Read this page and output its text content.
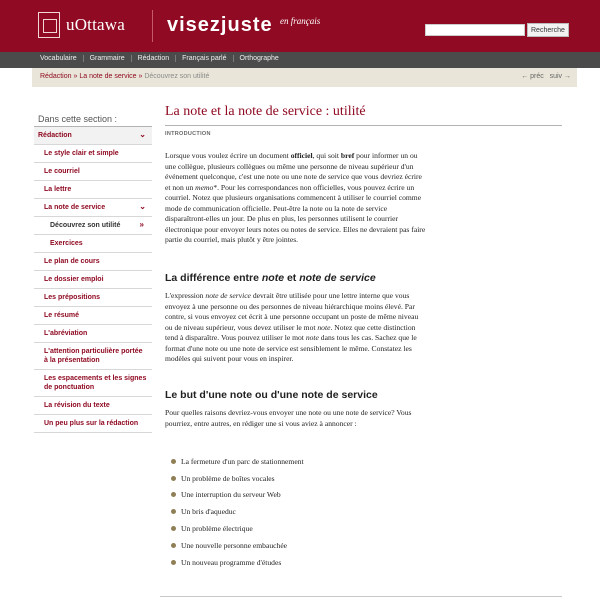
uOttawa visezjuste en français
Recherche
Vocabulaire	Grammaire	Rédaction	Français parlé	Orthographe
Rédaction » La note de service » Découvrez son utilité	← préc suiv →
Dans cette section :
Rédaction	⌄
Le style clair et simple
Le courriel
La lettre
La note de service	⌄
Découvrez son utilité »
Exercices
Le plan de cours
Le dossier emploi
Les prépositions
Le résumé
L'abréviation
L'attention particulière portée à la présentation
Les espacements et les signes de ponctuation
La révision du texte
Un peu plus sur la rédaction
La note et la note de service : utilité
INTRODUCTION

Lorsque vous voulez écrire un document officiel, qui soit bref pour informer un ou une collègue, plusieurs collègues ou même une personne de niveau supérieur d'un événement quelconque, c'est une note ou une note de service que vous devriez écrire et non un memo*. Pour les correspondances non officielles, vous pouvez écrire un courriel. Notez que plusieurs organisations commencent à utiliser le courriel comme mode de communication officielle. Peut-être la note ou la note de service disparaîtront-elles un jour. De plus en plus, les personnes utilisent le courrier électronique pour envoyer leurs notes ou notes de service. Elles ne devraient pas faire partie du courriel, mais plutôt y être jointes.

La différence entre note et note de service

L'expression note de service devrait être utilisée pour une lettre interne que vous envoyez à une personne ou des personnes de niveau hiérarchique moins élevé. Par contre, si vous envoyez cet écrit à une personne occupant un poste de même niveau ou de niveau supérieur, vous devez utiliser le mot note. Notez que cette distinction tend à disparaître. Vous pouvez utiliser le mot note dans tous les cas. Sachez que le format d'une note ou une note de service est sensiblement le même. Constatez les modèles qui suivent pour vous en inspirer.

Le but d'une note ou d'une note de service

Pour quelles raisons devriez-vous envoyer une note ou une note de service? Vous pourriez, entre autres, en rédiger une si vous aviez à annoncer :

La fermeture d'un parc de stationnement
Un problème de boîtes vocales
Une interruption du serveur Web
Un bris d'aqueduc
Un problème électrique
Une nouvelle personne embauchée
Un nouveau programme d'études
